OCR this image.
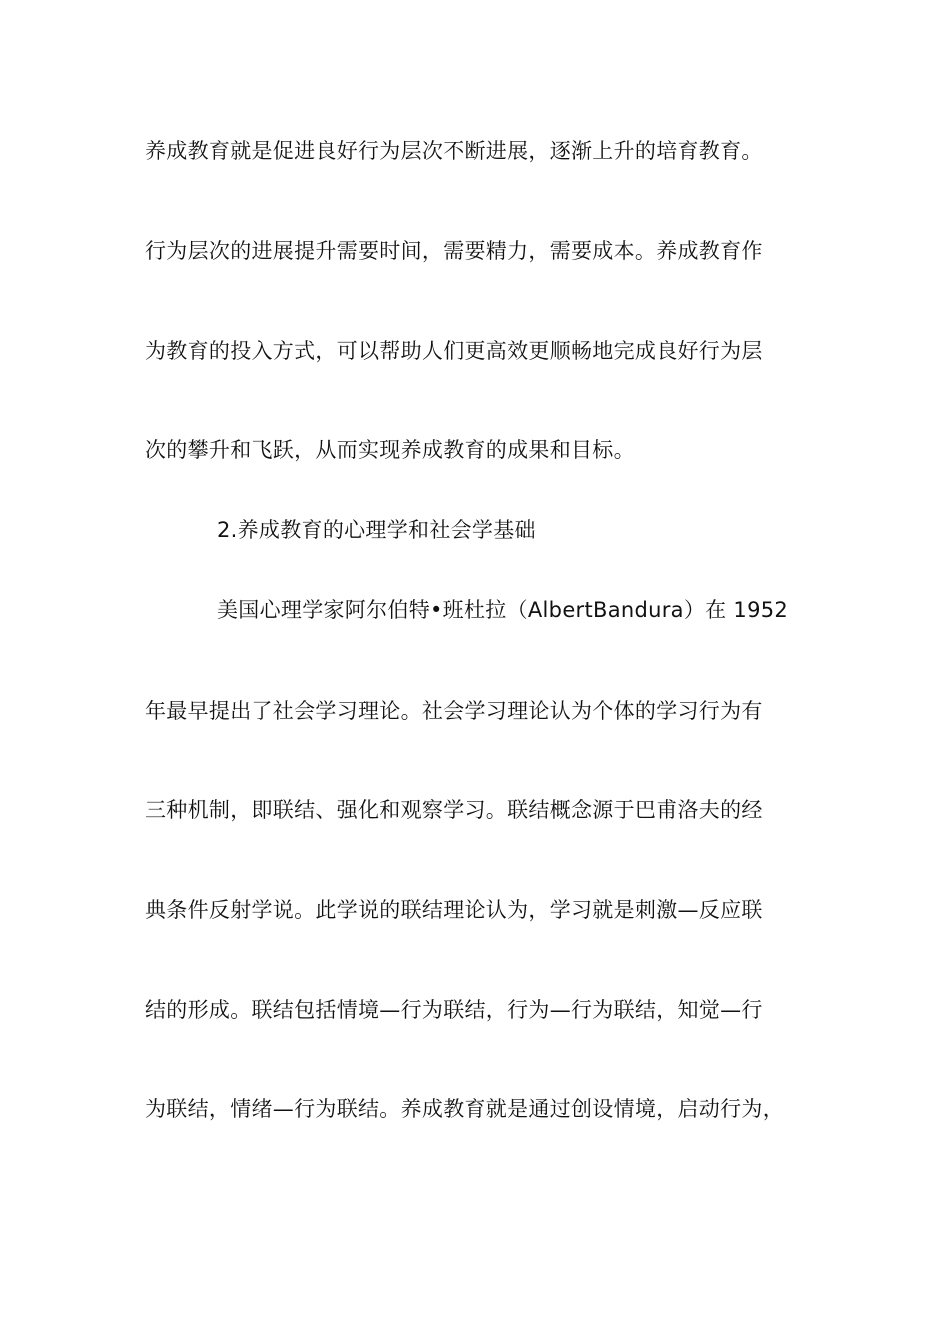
养成教育就是促进良好行为层次不断进展，逐渐上升的培育教育。
行为层次的进展提升需要时间，需要精力，需要成本。养成教育作
为教育的投入方式，可以帮助人们更高效更顺畅地完成良好行为层
次的攀升和飞跃，从而实现养成教育的成果和目标。
2.养成教育的心理学和社会学基础
美国心理学家阿尔伯特•班杜拉（AlbertBandura）在 1952
年最早提出了社会学习理论。社会学习理论认为个体的学习行为有
三种机制，即联结、强化和观察学习。联结概念源于巴甫洛夫的经
典条件反射学说。此学说的联结理论认为，学习就是刺激—反应联
结的形成。联结包括情境—行为联结，行为—行为联结，知觉—行
为联结，情绪—行为联结。养成教育就是通过创设情境，启动行为，
